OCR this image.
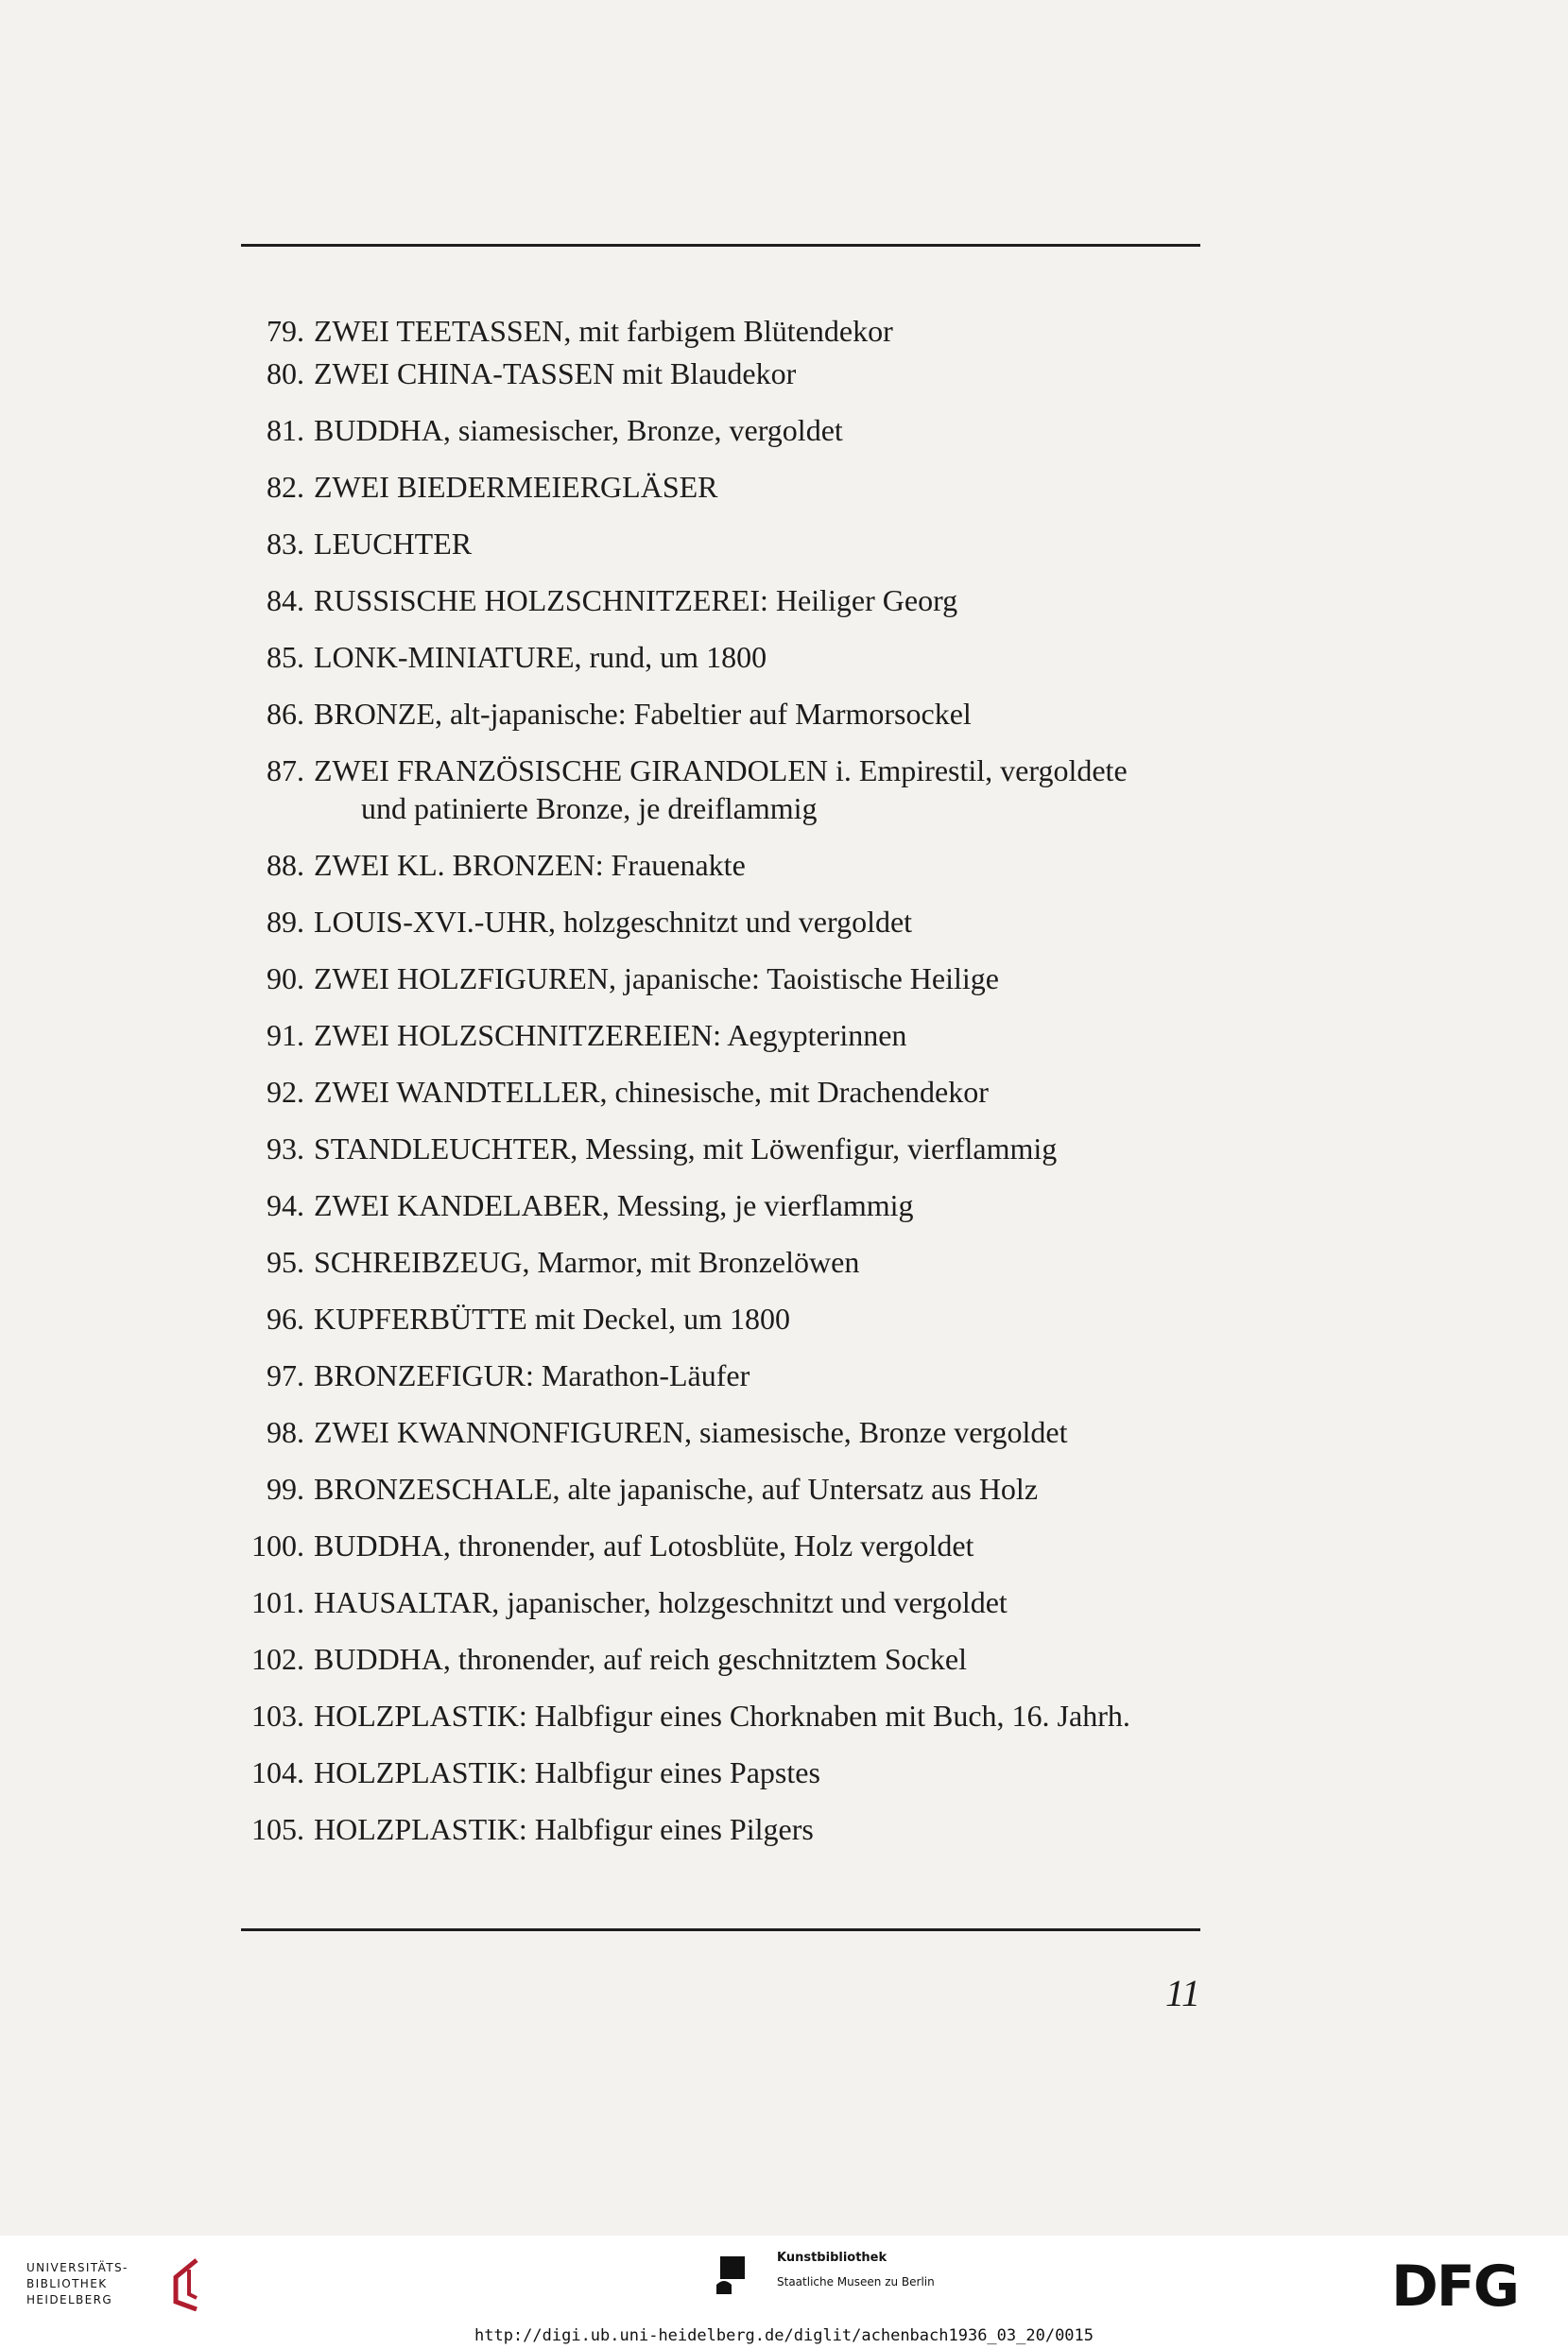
79. ZWEI TEETASSEN, mit farbigem Blütendekor
80. ZWEI CHINA-TASSEN mit Blaudekor
81. BUDDHA, siamesischer, Bronze, vergoldet
82. ZWEI BIEDERMEIERGLÄSER
83. LEUCHTER
84. RUSSISCHE HOLZSCHNITZEREI: Heiliger Georg
85. LONK-MINIATURE, rund, um 1800
86. BRONZE, alt-japanische: Fabeltier auf Marmorsockel
87. ZWEI FRANZÖSISCHE GIRANDOLEN i. Empirestil, vergoldete
und patinierte Bronze, je dreiflammig
88. ZWEI KL. BRONZEN: Frauenakte
89. LOUIS-XVI.-UHR, holzgeschnitzt und vergoldet
90. ZWEI HOLZFIGUREN, japanische: Taoistische Heilige
91. ZWEI HOLZSCHNITZEREIEN: Aegypterinnen
92. ZWEI WANDTELLER, chinesische, mit Drachendekor
93. STANDLEUCHTER, Messing, mit Löwenfigur, vierflammig
94. ZWEI KANDELABER, Messing, je vierflammig
95. SCHREIBZEUG, Marmor, mit Bronzelöwen
96. KUPFERBÜTTE mit Deckel, um 1800
97. BRONZEFIGUR: Marathon-Läufer
98. ZWEI KWANNONFIGUREN, siamesische, Bronze vergoldet
99. BRONZESCHALE, alte japanische, auf Untersatz aus Holz
100. BUDDHA, thronender, auf Lotosblüte, Holz vergoldet
101. HAUSALTAR, japanischer, holzgeschnitzt und vergoldet
102. BUDDHA, thronender, auf reich geschnitztem Sockel
103. HOLZPLASTIK: Halbfigur eines Chorknaben mit Buch, 16. Jahrh.
104. HOLZPLASTIK: Halbfigur eines Papstes
105. HOLZPLASTIK: Halbfigur eines Pilgers
11
UNIVERSITÄTS-
BIBLIOTHEK
HEIDELBERG
Kunstbibliothek
Staatliche Museen zu Berlin	DFG
http://digi.ub.uni-heidelberg.de/diglit/achenbach1936_03_20/0015
